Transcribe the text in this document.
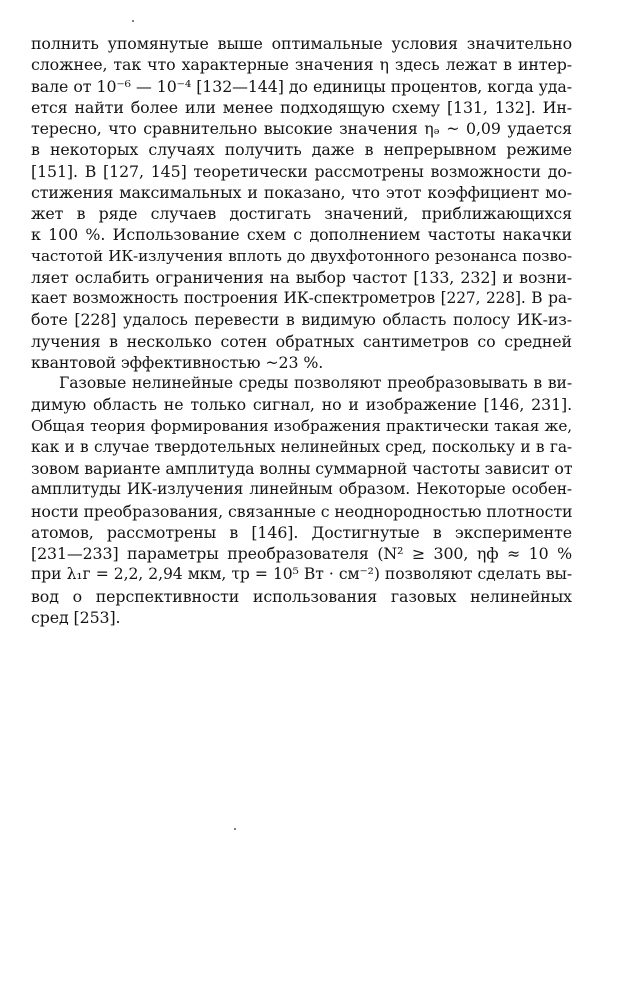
полнить упомянутые выше оптимальные условия значительно
сложнее, так что характерные значения η здесь лежат в интер-
вале от 10⁻⁶ — 10⁻⁴ [132—144] до единицы процентов, когда уда-
ется найти более или менее подходящую схему [131, 132]. Ин-
тересно, что сравнительно высокие значения ηₔ ~ 0,09 удается
в некоторых случаях получить даже в непрерывном режиме
[151]. В [127, 145] теоретически рассмотрены возможности до-
стижения максимальных и показано, что этот коэффициент мо-
жет в ряде случаев достигать значений, приближающихся
к 100 %. Использование схем с дополнением частоты накачки
частотой ИК-излучения вплоть до двухфотонного резонанса позво-
ляет ослабить ограничения на выбор частот [133, 232] и возни-
кает возможность построения ИК-спектрометров [227, 228]. В ра-
боте [228] удалось перевести в видимую область полосу ИК-из-
лучения в несколько сотен обратных сантиметров со средней
квантовой эффективностью ~23 %.
Газовые нелинейные среды позволяют преобразовывать в ви-
димую область не только сигнал, но и изображение [146, 231].
Общая теория формирования изображения практически такая же,
как и в случае твердотельных нелинейных сред, поскольку и в га-
зовом варианте амплитуда волны суммарной частоты зависит от
амплитуды ИК-излучения линейным образом. Некоторые особен-
ности преобразования, связанные с неоднородностью плотности
атомов, рассмотрены в [146]. Достигнутые в эксперименте
[231—233] параметры преобразователя (N² ≥ 300, ηф ≈ 10 %
при λ₁г = 2,2, 2,94 мкм, τр = 10⁵ Вт · см⁻²) позволяют сделать вы-
вод о перспективности использования газовых нелинейных
сред [253].
